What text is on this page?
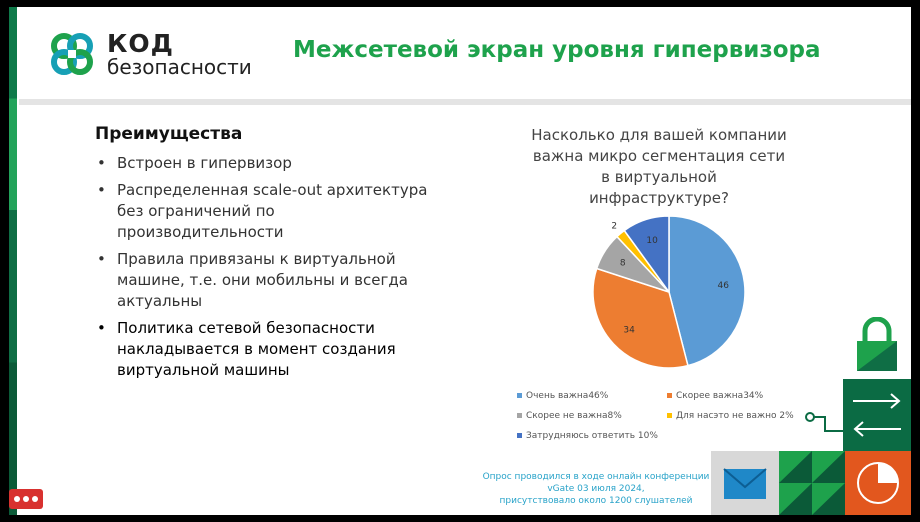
КОД
безопасности
Межсетевой экран уровня гипервизора
Преимущества
• Встроен в гипервизор
• Распределенная scale-out архитектура без ограничений по производительности
• Правила привязаны к виртуальной машине, т.е. они мобильны и всегда актуальны
• Политика сетевой безопасности накладывается в момент создания виртуальной машины
Насколько для вашей компании важна микро сегментация сети в виртуальной инфраструктуре?
46
34
8
2
10
Очень важна46%	Скорее важна34%
Скорее не важна8%	Для насэто не важно 2%
Затрудняюсь ответить 10%
Опрос проводился в ходе онлайн конференции
vGate 03 июля 2024,
присутствовало около 1200 слушателей
